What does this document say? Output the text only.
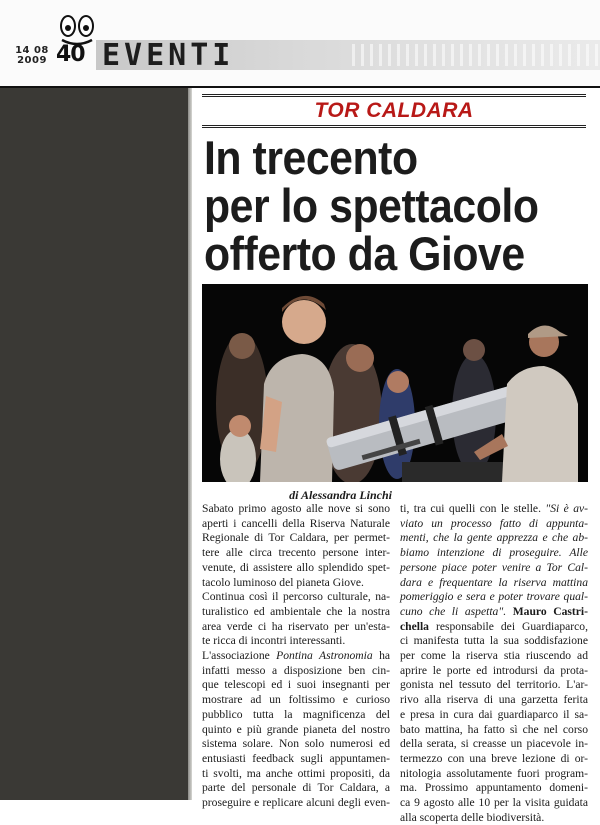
14 08
2009 40 EVENTI
TOR CALDARA
In trecento
per lo spettacolo
offerto da Giove
di Alessandra Linchi
Sabato primo agosto alle nove si sono
aperti i cancelli della Riserva Naturale
Regionale di Tor Caldara, per permet-
tere alle circa trecento persone inter-
venute, di assistere allo splendido spet-
tacolo luminoso del pianeta Giove.
Continua così il percorso culturale, na-
turalistico ed ambientale che la nostra
area verde ci ha riservato per un'esta-
te ricca di incontri interessanti.
L'associazione Pontina Astronomia ha
infatti messo a disposizione ben cin-
que telescopi ed i suoi insegnanti per
mostrare ad un foltissimo e curioso
pubblico tutta la magnificenza del
quinto e più grande pianeta del nostro
sistema solare. Non solo numerosi ed
entusiasti feedback sugli appuntamen-
ti svolti, ma anche ottimi propositi, da
parte del personale di Tor Caldara, a
proseguire e replicare alcuni degli even-
ti, tra cui quelli con le stelle. "Si è av-
viato un processo fatto di appunta-
menti, che la gente apprezza e che ab-
biamo intenzione di proseguire. Alle
persone piace poter venire a Tor Cal-
dara e frequentare la riserva mattina
pomeriggio e sera e poter trovare qual-
cuno che li aspetta". Mauro Castri-
chella responsabile dei Guardiaparco,
ci manifesta tutta la sua soddisfazione
per come la riserva stia riuscendo ad
aprire le porte ed introdursi da prota-
gonista nel tessuto del territorio. L'ar-
rivo alla riserva di una garzetta ferita
e presa in cura dai guardiaparco il sa-
bato mattina, ha fatto sì che nel corso
della serata, si creasse un piacevole in-
termezzo con una breve lezione di or-
nitologia assolutamente fuori program-
ma. Prossimo appuntamento domeni-
ca 9 agosto alle 10 per la visita guidata
alla scoperta delle biodiversità.
